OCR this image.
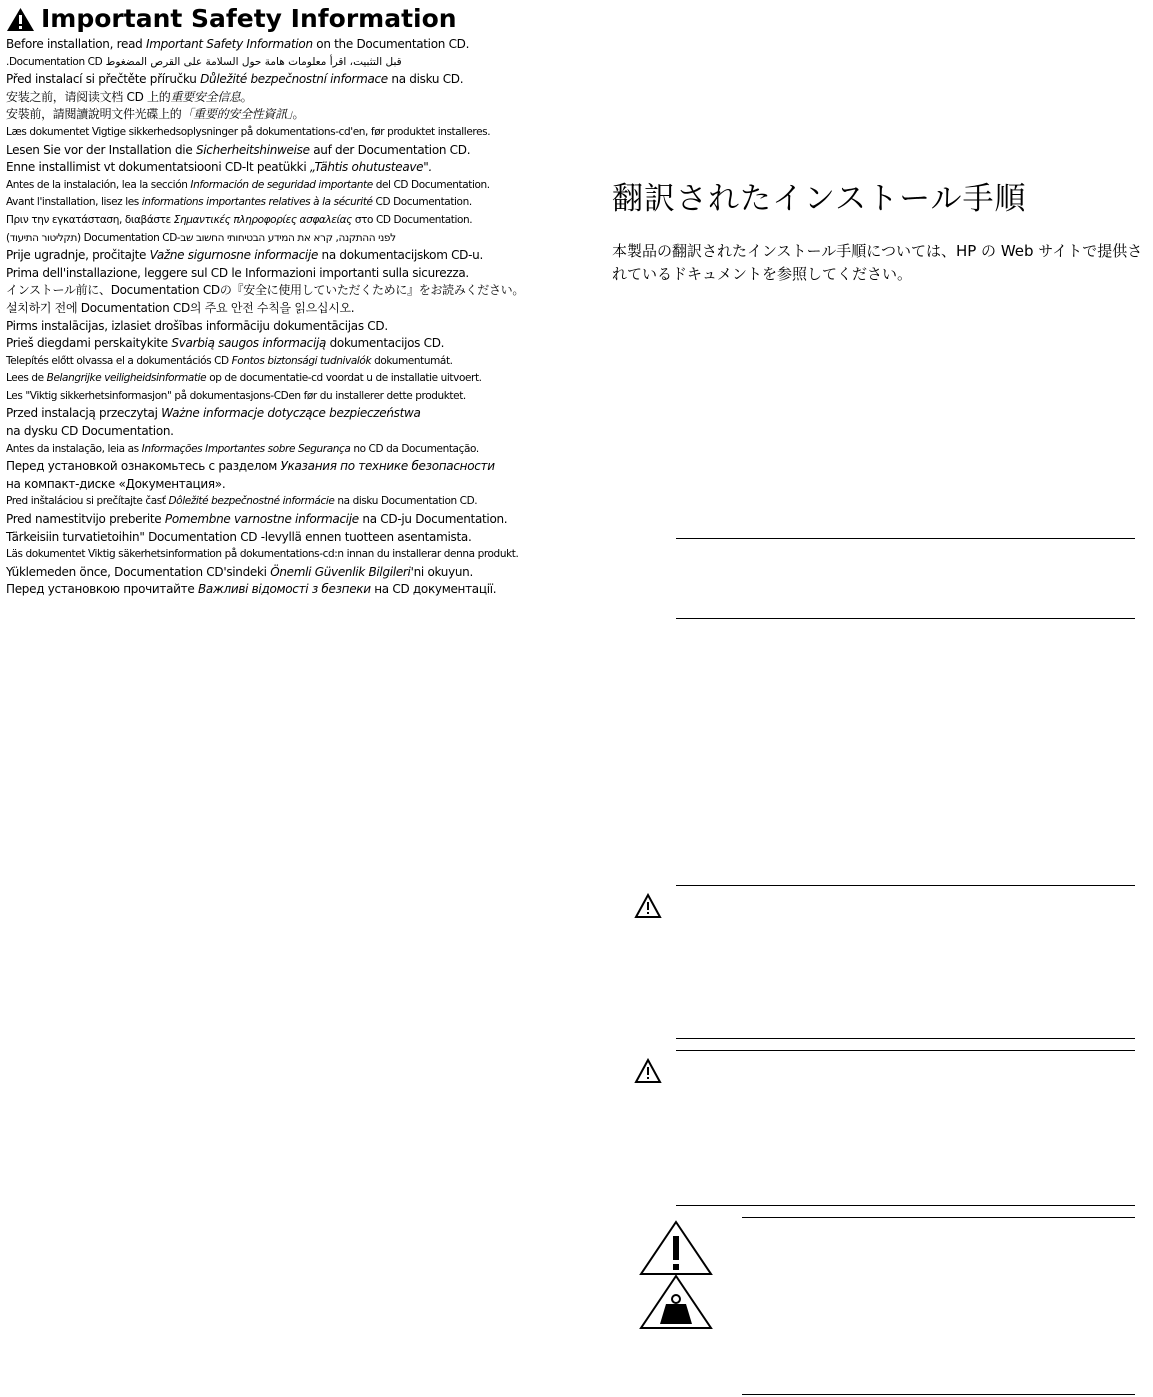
Important Safety Information
Before installation, read Important Safety Information on the Documentation CD.
قبل التثبيت، اقرأ معلومات هامة حول السلامة على القرص المضغوط Documentation CD.
Před instalací si přečtěte příručku Důležité bezpečnostní informace na disku CD.
安装之前，请阅读文档 CD 上的重要安全信息。
安裝前，請閱讀說明文件光碟上的「重要的安全性資訊」。
Læs dokumentet Vigtige sikkerhedsoplysninger på dokumentations-cd'en, før produktet installeres.
Lesen Sie vor der Installation die Sicherheitshinweise auf der Documentation CD.
Enne installimist vt dokumentatsiooni CD-lt peatükki „Tähtis ohutusteave".
Antes de la instalación, lea la sección Información de seguridad importante del CD Documentation.
Avant l'installation, lisez les informations importantes relatives à la sécurité CD Documentation.
Πριν την εγκατάσταση, διαβάστε Σημαντικές πληροφορίες ασφαλείας στο CD Documentation.
לפני ההתקנה, קרא את המידע הבטיחותי החשוב שב-Documentation CD (תקליטור התיעוד)
Prije ugradnje, pročitajte Važne sigurnosne informacije na dokumentacijskom CD-u.
Prima dell'installazione, leggere sul CD le Informazioni importanti sulla sicurezza.
インストール前に、Documentation CDの『安全に使用していただくために』をお読みください。
설치하기 전에 Documentation CD의 주요 안전 수칙을 읽으십시오.
Pirms instalācijas, izlasiet drošības informāciju dokumentācijas CD.
Prieš diegdami perskaitykite Svarbią saugos informaciją dokumentacijos CD.
Telepítés előtt olvassa el a dokumentációs CD Fontos biztonsági tudnivalók dokumentumát.
Lees de Belangrijke veiligheidsinformatie op de documentatie-cd voordat u de installatie uitvoert.
Les "Viktig sikkerhetsinformasjon" på dokumentasjons-CDen før du installerer dette produktet.
Przed instalacją przeczytaj Ważne informacje dotyczące bezpieczeństwa
na dysku CD Documentation.
Antes da instalação, leia as Informações Importantes sobre Segurança no CD da Documentação.
Перед установкой ознакомьтесь с разделом Указания по технике безопасности
на компакт-диске «Документация».
Pred inštaláciou si prečítajte časť Dôležité bezpečnostné informácie na disku Documentation CD.
Pred namestitvijo preberite Pomembne varnostne informacije na CD-ju Documentation.
Tärkeisiin turvatietoihin" Documentation CD -levyllä ennen tuotteen asentamista.
Läs dokumentet Viktig säkerhetsinformation på dokumentations-cd:n innan du installerar denna produkt.
Yüklemeden önce, Documentation CD'sindeki Önemli Güvenlik Bilgileri'ni okuyun.
Перед установкою прочитайте Важливі відомості з безпеки на CD документації.
翻訳されたインストール手順
本製品の翻訳されたインストール手順については、HP の Web サイトで提供されているドキュメントを参照してください。
